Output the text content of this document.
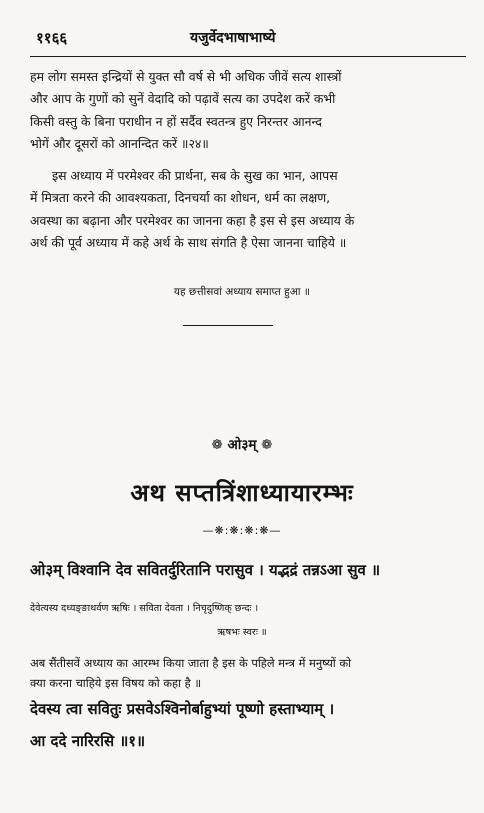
११६६	यजुर्वेदभाषाभाष्ये
हम लोग समस्त इन्द्रियों से युक्त सौ वर्ष से भी अधिक जीवें सत्य शास्त्रों
और आप के गुणों को सुनें वेदादि को पढ़ावें सत्य का उपदेश करें कभी
किसी वस्तु के बिना पराधीन न हों सर्दैव स्वतन्त्र हुए निरन्तर आनन्द
भोगें और दूसरों को आनन्दित करें ॥२४॥
इस अध्याय में परमेश्वर की प्रार्थना, सब के सुख का भान, आपस
में मित्रता करने की आवश्यकता, दिनचर्या का शोधन, धर्म का लक्षण,
अवस्था का बढ़ाना और परमेश्वर का जानना कहा है इस से इस अध्याय के
अर्थ की पूर्व अध्याय में कहे अर्थ के साथ संगति है ऐसा जानना चाहिये ॥
यह छत्तीसवां अध्याय समाप्त हुआ ॥
❁ ओ३म् ❁
अथ सप्तत्रिंशाध्यायारम्भः
—❋:❋:❋:❋—
ओ३म् विश्वानि देव सवितर्दुरितानि परासुव । यद्भद्रं तन्नऽआ सुव ॥
देवेत्यस्य दध्यङ्ङाथर्वण ऋषिः । सविता देवता । निचृदुष्णिक् छन्दः ।
ऋषभः स्वरः ॥
अब सैंतीसवें अध्याय का आरम्भ किया जाता है इस के पहिले मन्त्र में मनुष्यों को
क्या करना चाहिये इस विषय को कहा है ॥
देवस्य त्वा सवितुः प्रसवेऽश्विनोर्बाहुभ्यां पूष्णो हस्ताभ्याम् ।
आ ददे नारिरसि ॥१॥
